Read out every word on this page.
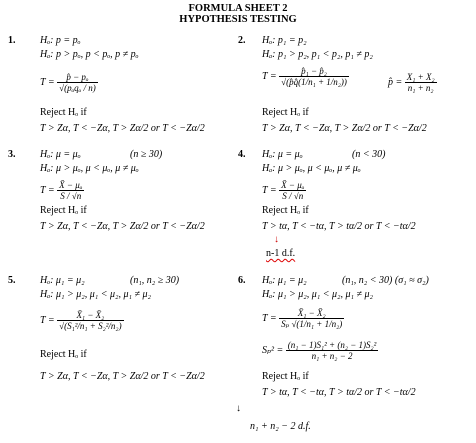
FORMULA SHEET 2
HYPOTHESIS TESTING
1. Hₒ: p = pₒ
Hₐ: p > pₒ, p < pₒ, p ≠ pₒ
$T = \frac{\text{p̂ − pₒ}}{\text{√(pₒqₒ / n)}}$
Reject Hₒ if
T > Zα, T < −Zα, T > Zα/2 or T < −Zα/2
2. Hₒ: p₁ = p₂
Hₐ: p₁ > p₂, p₁ < p₂, p₁ ≠ p₂
$T = \frac{\text{p̂₁ − p̂₂}}{\text{√(p̂q̂(1/n₁ + 1/n₂))}}$	p̂ = $\frac{\text{X₁ + X₂}}{\text{n₁ + n₂}}$
Reject Hₒ if
T > Zα, T < −Zα, T > Zα/2 or T < −Zα/2
3. Hₒ: μ = μₒ	(n ≥ 30)
Hₐ: μ > μₒ, μ < μₒ, μ ≠ μₒ
$T = \frac{\text{X̄ − μₒ}}{S / √n}$
Reject Hₒ if
T > Zα, T < −Zα, T > Zα/2 or T < −Zα/2
4. Hₒ: μ = μₒ	(n < 30)
Hₐ: μ > μₒ, μ < μₒ, μ ≠ μₒ
$T = \frac{\text{X̄ − μₒ}}{S / √n}$
Reject Hₒ if
T > tα, T < −tα, T > tα/2 or T < −tα/2
↓
n-1 d.f.
5. Hₒ: μ₁ = μ₂	(n₁, n₂ ≥ 30)
Hₐ: μ₁ > μ₂, μ₁ < μ₂, μ₁ ≠ μ₂
$T = \frac{\text{X̄₁ − X̄₂}}{\text{√(S₁²/n₁ + S₂²/n₂)}}$
Reject Hₒ if
T > Zα, T < −Zα, T > Zα/2 or T < −Zα/2
6. Hₒ: μ₁ = μ₂	(n₁, n₂ < 30) (σ₁ ≈ σ₂)
Hₐ: μ₁ > μ₂, μ₁ < μ₂, μ₁ ≠ μ₂
$T = \frac{\text{X̄₁ − X̄₂}}{\text{Sₚ √(1/n₁ + 1/n₂)}}$
$S_p^2 = \frac{\text{(n₁ − 1)S₁² + (n₂ − 1)S₂²}}{\text{n₁ + n₂ − 2}}$
Reject Hₒ if
T > tα, T < −tα, T > tα/2 or T < −tα/2
↓
n₁ + n₂ − 2 d.f.
